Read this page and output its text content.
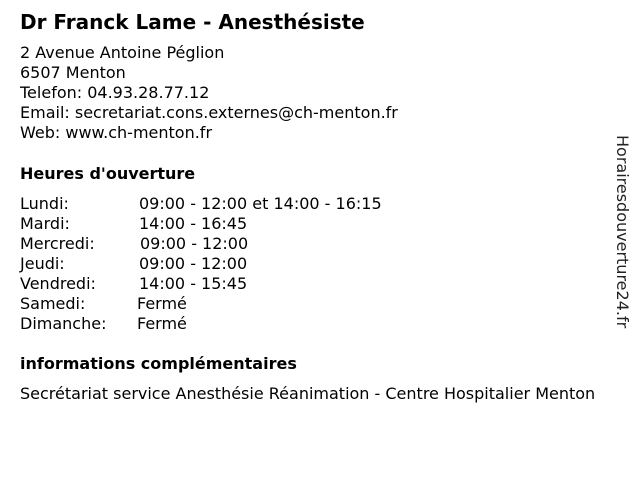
Dr Franck Lame - Anesthésiste
2 Avenue Antoine Péglion
6507 Menton
Telefon: 04.93.28.77.12
Email: secretariat.cons.externes@ch-menton.fr
Web: www.ch-menton.fr
Heures d'ouverture
Lundi:	09:00 - 12:00 et 14:00 - 16:15
Mardi:	14:00 - 16:45
Mercredi:	09:00 - 12:00
Jeudi:	09:00 - 12:00
Vendredi:	14:00 - 15:45
Samedi:	Fermé
Dimanche: Fermé
informations complémentaires
Secrétariat service Anesthésie Réanimation - Centre Hospitalier Menton
Horairesdouverture24.fr
